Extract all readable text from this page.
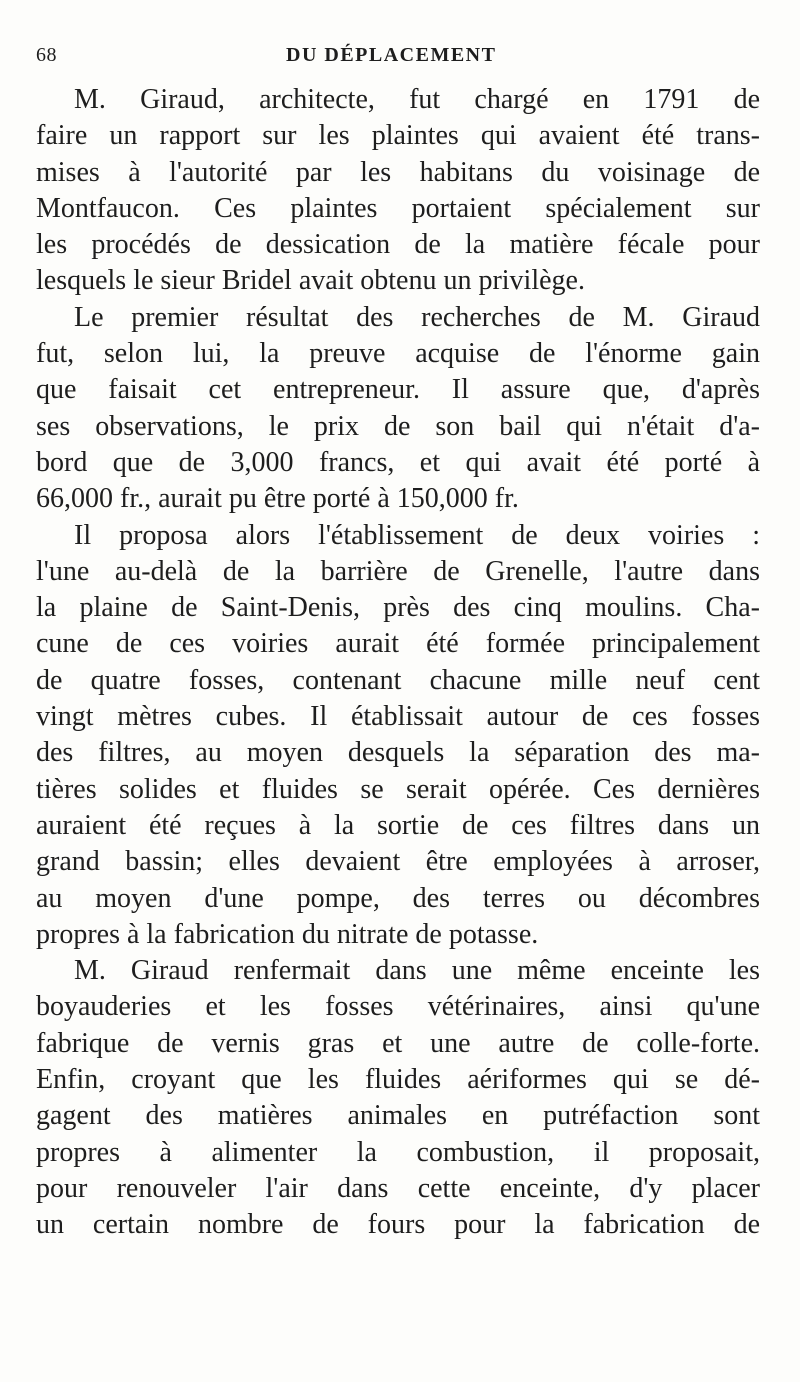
68	DU DÉPLACEMENT
M. Giraud, architecte, fut chargé en 1791 de
faire un rapport sur les plaintes qui avaient été trans-
mises à l'autorité par les habitans du voisinage de
Montfaucon. Ces plaintes portaient spécialement sur
les procédés de dessication de la matière fécale pour
lesquels le sieur Bridel avait obtenu un privilège.
Le premier résultat des recherches de M. Giraud
fut, selon lui, la preuve acquise de l'énorme gain
que faisait cet entrepreneur. Il assure que, d'après
ses observations, le prix de son bail qui n'était d'a-
bord que de 3,000 francs, et qui avait été porté à
66,000 fr., aurait pu être porté à 150,000 fr.
Il proposa alors l'établissement de deux voiries :
l'une au-delà de la barrière de Grenelle, l'autre dans
la plaine de Saint-Denis, près des cinq moulins. Cha-
cune de ces voiries aurait été formée principalement
de quatre fosses, contenant chacune mille neuf cent
vingt mètres cubes. Il établissait autour de ces fosses
des filtres, au moyen desquels la séparation des ma-
tières solides et fluides se serait opérée. Ces dernières
auraient été reçues à la sortie de ces filtres dans un
grand bassin; elles devaient être employées à arroser,
au moyen d'une pompe, des terres ou décombres
propres à la fabrication du nitrate de potasse.
M. Giraud renfermait dans une même enceinte les
boyauderies et les fosses vétérinaires, ainsi qu'une
fabrique de vernis gras et une autre de colle-forte.
Enfin, croyant que les fluides aériformes qui se dé-
gagent des matières animales en putréfaction sont
propres à alimenter la combustion, il proposait,
pour renouveler l'air dans cette enceinte, d'y placer
un certain nombre de fours pour la fabrication de
